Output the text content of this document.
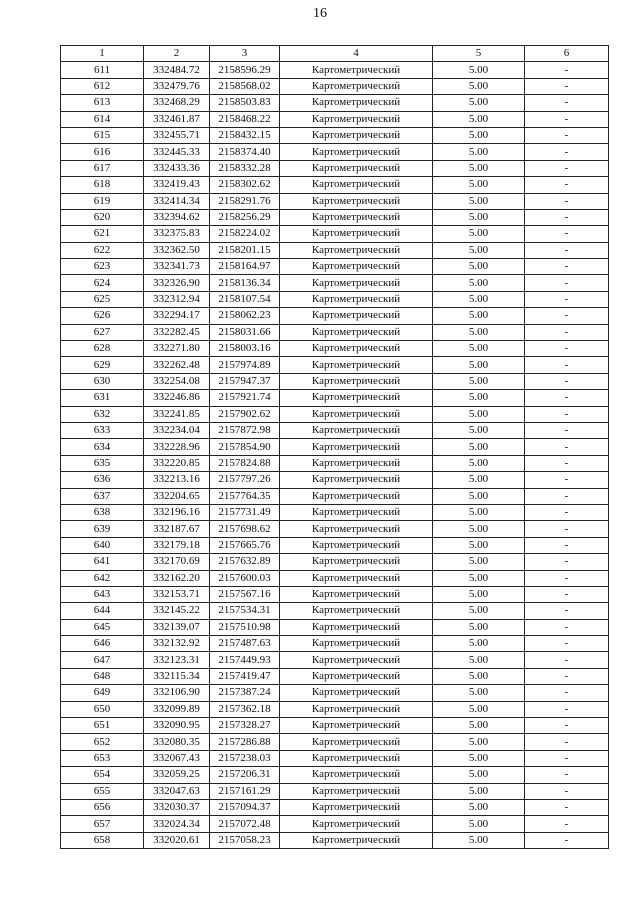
16
1	2	3	4	5	6
611	332484.72	2158596.29	Картометрический	5.00	-
612	332479.76	2158568.02	Картометрический	5.00	-
613	332468.29	2158503.83	Картометрический	5.00	-
614	332461.87	2158468.22	Картометрический	5.00	-
615	332455.71	2158432.15	Картометрический	5.00	-
616	332445.33	2158374.40	Картометрический	5.00	-
617	332433.36	2158332.28	Картометрический	5.00	-
618	332419.43	2158302.62	Картометрический	5.00	-
619	332414.34	2158291.76	Картометрический	5.00	-
620	332394.62	2158256.29	Картометрический	5.00	-
621	332375.83	2158224.02	Картометрический	5.00	-
622	332362.50	2158201.15	Картометрический	5.00	-
623	332341.73	2158164.97	Картометрический	5.00	-
624	332326.90	2158136.34	Картометрический	5.00	-
625	332312.94	2158107.54	Картометрический	5.00	-
626	332294.17	2158062.23	Картометрический	5.00	-
627	332282.45	2158031.66	Картометрический	5.00	-
628	332271.80	2158003.16	Картометрический	5.00	-
629	332262.48	2157974.89	Картометрический	5.00	-
630	332254.08	2157947.37	Картометрический	5.00	-
631	332246.86	2157921.74	Картометрический	5.00	-
632	332241.85	2157902.62	Картометрический	5.00	-
633	332234.04	2157872.98	Картометрический	5.00	-
634	332228.96	2157854.90	Картометрический	5.00	-
635	332220.85	2157824.88	Картометрический	5.00	-
636	332213.16	2157797.26	Картометрический	5.00	-
637	332204.65	2157764.35	Картометрический	5.00	-
638	332196.16	2157731.49	Картометрический	5.00	-
639	332187.67	2157698.62	Картометрический	5.00	-
640	332179.18	2157665.76	Картометрический	5.00	-
641	332170.69	2157632.89	Картометрический	5.00	-
642	332162.20	2157600.03	Картометрический	5.00	-
643	332153.71	2157567.16	Картометрический	5.00	-
644	332145.22	2157534.31	Картометрический	5.00	-
645	332139.07	2157510.98	Картометрический	5.00	-
646	332132.92	2157487.63	Картометрический	5.00	-
647	332123.31	2157449.93	Картометрический	5.00	-
648	332115.34	2157419.47	Картометрический	5.00	-
649	332106.90	2157387.24	Картометрический	5.00	-
650	332099.89	2157362.18	Картометрический	5.00	-
651	332090.95	2157328.27	Картометрический	5.00	-
652	332080.35	2157286.88	Картометрический	5.00	-
653	332067.43	2157238.03	Картометрический	5.00	-
654	332059.25	2157206.31	Картометрический	5.00	-
655	332047.63	2157161.29	Картометрический	5.00	-
656	332030.37	2157094.37	Картометрический	5.00	-
657	332024.34	2157072.48	Картометрический	5.00	-
658	332020.61	2157058.23	Картометрический	5.00	-
